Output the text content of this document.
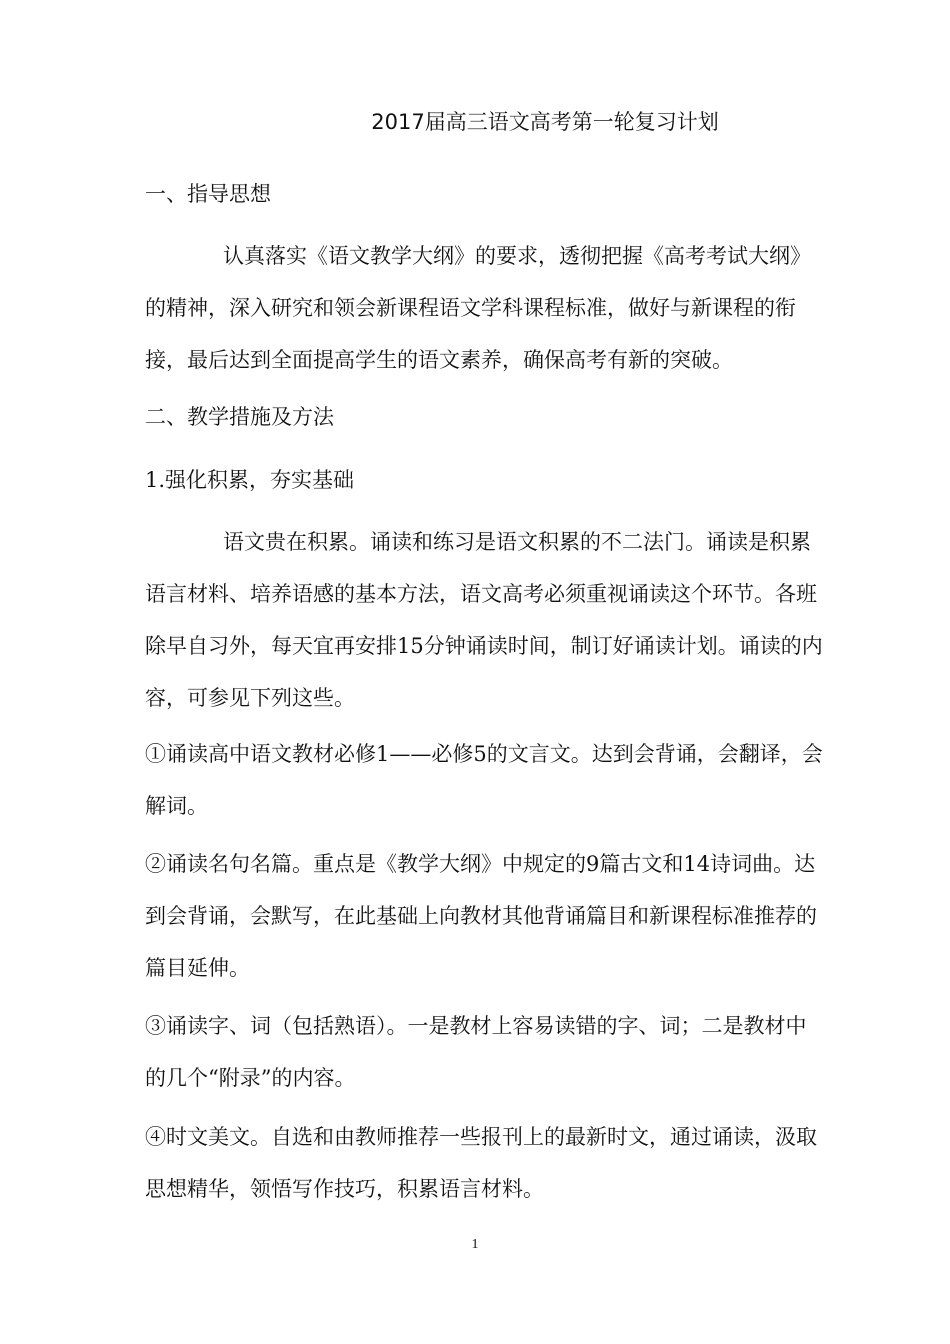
2017届高三语文高考第一轮复习计划

一、指导思想

认真落实《语文教学大纲》的要求，透彻把握《高考考试大纲》的精神，深入研究和领会新课程语文学科课程标准，做好与新课程的衔接，最后达到全面提高学生的语文素养，确保高考有新的突破。

二、教学措施及方法

1.强化积累，夯实基础

语文贵在积累。诵读和练习是语文积累的不二法门。诵读是积累语言材料、培养语感的基本方法，语文高考必须重视诵读这个环节。各班除早自习外，每天宜再安排15分钟诵读时间，制订好诵读计划。诵读的内容，可参见下列这些。

①诵读高中语文教材必修1——必修5的文言文。达到会背诵，会翻译，会解词。

②诵读名句名篇。重点是《教学大纲》中规定的9篇古文和14诗词曲。达到会背诵，会默写，在此基础上向教材其他背诵篇目和新课程标准推荐的篇目延伸。

③诵读字、词（包括熟语）。一是教材上容易读错的字、词；二是教材中的几个“附录”的内容。

④时文美文。自选和由教师推荐一些报刊上的最新时文，通过诵读，汲取思想精华，领悟写作技巧，积累语言材料。

1
